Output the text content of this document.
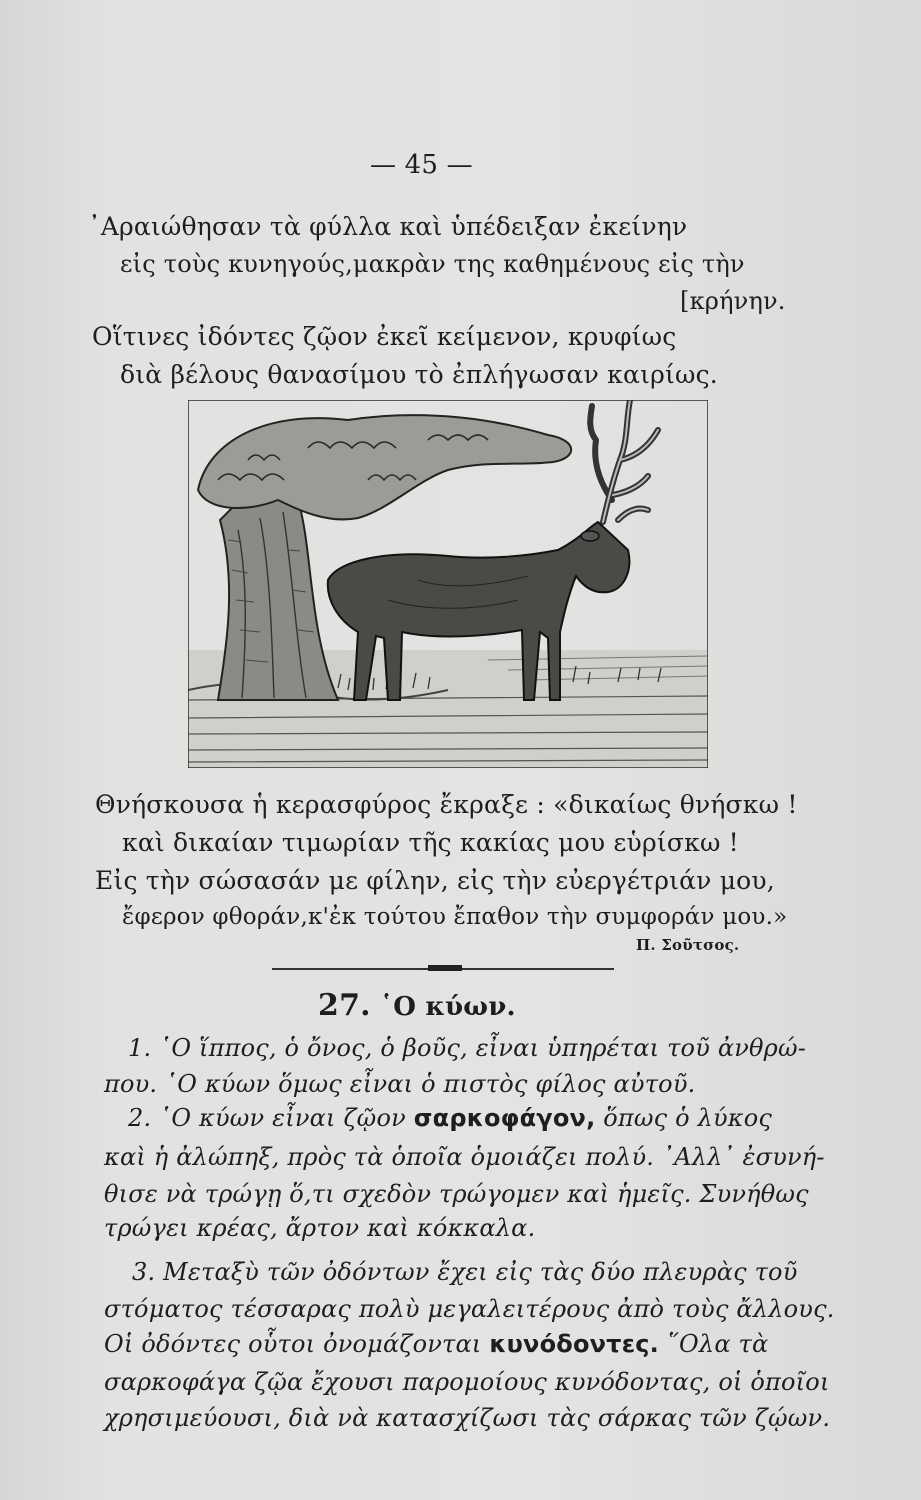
— 45 —
᾿Αραιώθησαν τὰ φύλλα καὶ ὑπέδειξαν ἐκείνην
εἰς τοὺς κυνηγούς,μακρὰν της καθημένους εἰς τὴν
[κρήνην.
Οἵτινες ἰδόντες ζῷον ἐκεῖ κείμενον, κρυφίως
διὰ βέλους θανασίμου τὸ ἐπλήγωσαν καιρίως.
Θνήσκουσα ἡ κερασφύρος ἔκραξε : «δικαίως θνήσκω !
καὶ δικαίαν τιμωρίαν τῆς κακίας μου εὑρίσκω !
Εἰς τὴν σώσασάν με φίλην, εἰς τὴν εὐεργέτριάν μου,
ἔφερον φθοράν,κ'ἐκ τούτου ἔπαθον τὴν συμφοράν μου.»
Π. Σοῦτσος.
27. ῾Ο κύων.
1. ῾Ο ἵππος, ὁ ὄνος, ὁ βοῦς, εἶναι ὑπηρέται τοῦ ἀνθρώ-
που. ῾Ο κύων ὅμως εἶναι ὁ πιστὸς φίλος αὐτοῦ.
2. ῾Ο κύων εἶναι ζῷον σαρκοφάγον, ὅπως ὁ λύκος
καὶ ἡ ἀλώπηξ, πρὸς τὰ ὁποῖα ὁμοιάζει πολύ. ᾿Αλλ᾿ ἐσυνή-
θισε νὰ τρώγῃ ὅ,τι σχεδὸν τρώγομεν καὶ ἡμεῖς. Συνήθως
τρώγει κρέας, ἄρτον καὶ κόκκαλα.
3. Μεταξὺ τῶν ὀδόντων ἔχει εἰς τὰς δύο πλευρὰς τοῦ
στόματος τέσσαρας πολὺ μεγαλειτέρους ἀπὸ τοὺς ἄλλους.
Οἱ ὀδόντες οὗτοι ὀνομάζονται κυνόδοντες. ῞Ολα τὰ
σαρκοφάγα ζῷα ἔχουσι παρομοίους κυνόδοντας, οἱ ὁποῖοι
χρησιμεύουσι, διὰ νὰ κατασχίζωσι τὰς σάρκας τῶν ζῴων.
